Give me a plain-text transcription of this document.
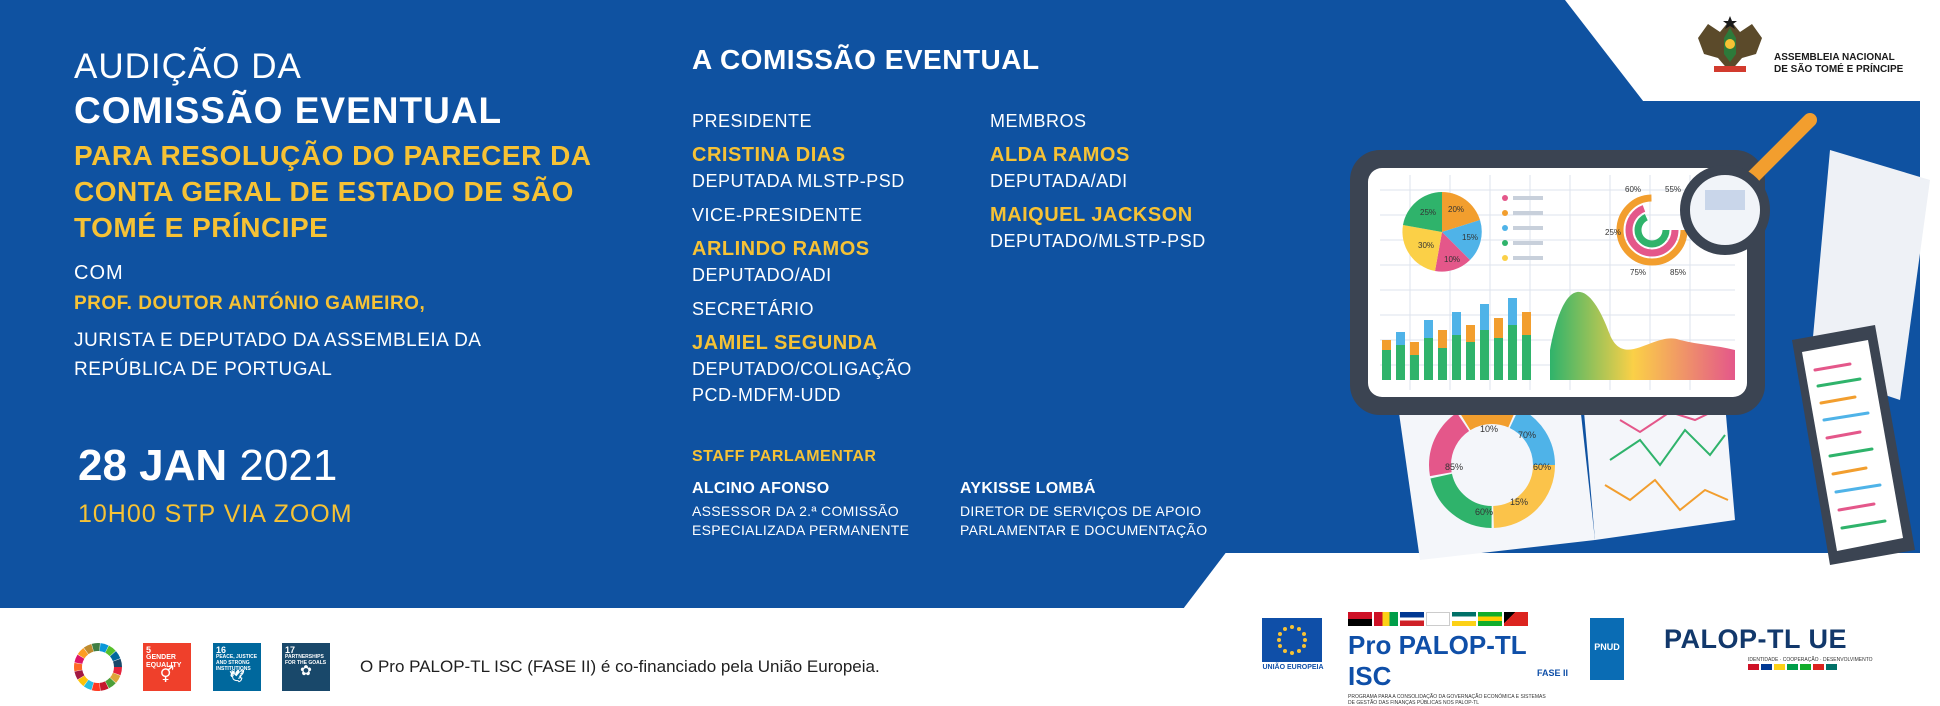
AUDIÇÃO DA
COMISSÃO EVENTUAL
PARA RESOLUÇÃO DO PARECER DA CONTA GERAL DE ESTADO DE SÃO TOMÉ E PRÍNCIPE
COM
PROF. DOUTOR ANTÓNIO GAMEIRO,
JURISTA E DEPUTADO DA ASSEMBLEIA DA REPÚBLICA DE PORTUGAL
28 JAN 2021
10H00 STP VIA ZOOM
A COMISSÃO EVENTUAL
PRESIDENTE
CRISTINA DIAS
DEPUTADA MLSTP-PSD
VICE-PRESIDENTE
ARLINDO RAMOS
DEPUTADO/ADI
SECRETÁRIO
JAMIEL SEGUNDA
DEPUTADO/COLIGAÇÃO
PCD-MDFM-UDD
MEMBROS
ALDA RAMOS
DEPUTADA/ADI
MAIQUEL JACKSON
DEPUTADO/MLSTP-PSD
STAFF PARLAMENTAR
ALCINO AFONSO
ASSESSOR DA 2.ª COMISSÃO ESPECIALIZADA PERMANENTE
AYKISSE LOMBÁ
DIRETOR DE SERVIÇOS DE APOIO PARLAMENTAR E DOCUMENTAÇÃO
ASSEMBLEIA NACIONAL
DE SÃO TOMÉ E PRÍNCIPE
10%
70%
60%
15%
60%
85%
20%
15%
25%
10%
30%
60%	55%
25%
75%	85%
5
GENDER EQUALITY
⚥
16
PEACE, JUSTICE AND STRONG INSTITUTIONS
🕊
17
PARTNERSHIPS FOR THE GOALS
✿	O Pro PALOP-TL ISC (FASE II) é co-financiado pela União Europeia.	UNIÃO EUROPEIA
Pro PALOP-TL ISC
PROGRAMA PARA A CONSOLIDAÇÃO DA GOVERNAÇÃO ECONÓMICA E SISTEMAS DE GESTÃO DAS FINANÇAS PÚBLICAS NOS PALOP-TL
FASE II
PNUD PALOP-TL UE
IDENTIDADE · COOPERAÇÃO · DESENVOLVIMENTO
